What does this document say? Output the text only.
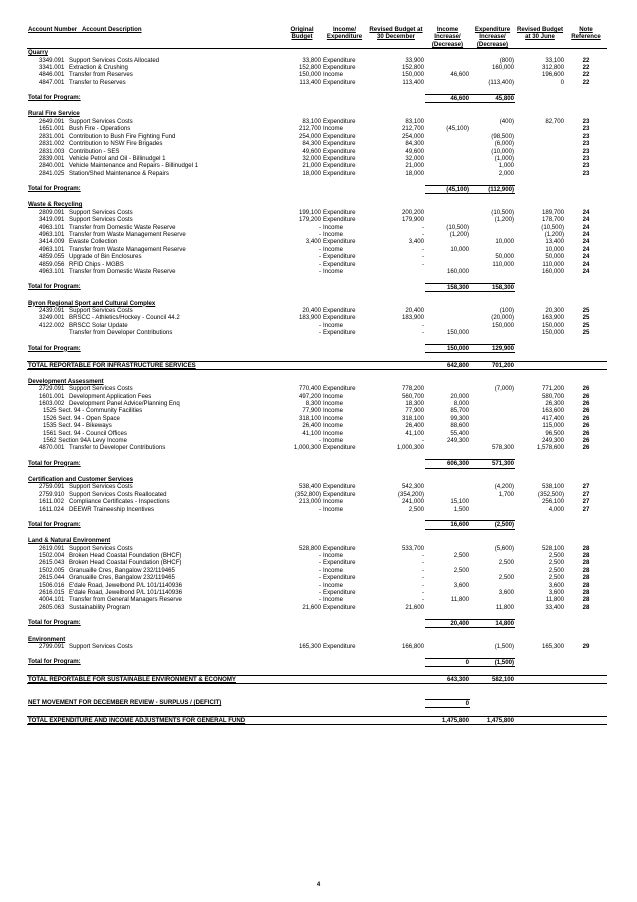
Account Number Account Description	Original Budget	Income/ Expenditure	Revised Budget at 30 December	Income Increase/ (Decrease)	Expenditure Increase/ (Decrease)	Revised Budget at 30 June	Note Reference
Quarry							
3349.091 Support Services Costs Allocated	33,800	Expenditure	33,900		(800)	33,100	22
3341.001 Extraction & Crushing	152,800	Expenditure	152,800		160,000	312,800	22
4846.001 Transfer from Reserves	150,000	Income	150,000	46,600		196,600	22
4847.001 Transfer to Reserves	113,400	Expenditure	113,400		(113,400)	0	22

Total for Program:				46,600	45,800		

Rural Fire Service							
2649.091 Support Services Costs	83,100	Expenditure	83,100		(400)	82,700	23
1651.001 Bush Fire - Operations	212,700	Income	212,700	(45,100)			23
2831.001 Contribution to Bush Fire Fighting Fund	254,000	Expenditure	254,000		(98,500)		23
2831.002 Contribution to NSW Fire Brigades	84,300	Expenditure	84,300		(6,000)		23
2831.003 Contribution - SES	49,600	Expenditure	49,600		(10,000)		23
2839.001 Vehicle Petrol and Oil - Billinudgel 1	32,000	Expenditure	32,000		(1,000)		23
2840.001 Vehicle Maintenance and Repairs - Billinudgel 1	21,000	Expenditure	21,000		1,000		23
2841.025 Station/Shed Maintenance & Repairs	18,000	Expenditure	18,000		2,000		23

Total for Program:				(45,100)	(112,900)		

Waste & Recycling							
2809.091 Support Services Costs	199,100	Expenditure	200,200		(10,500)	189,700	24
3419.091 Support Services Costs	179,200	Expenditure	179,900		(1,200)	178,700	24
4963.101 Transfer from Domestic Waste Reserve	-	Income	-	(10,500)		(10,500)	24
4963.101 Transfer from Waste Management Reserve	-	Income	-	(1,200)		(1,200)	24
3414.009 Ewaste Collection	3,400	Expenditure	3,400		10,000	13,400	24
4963.101 Transfer from Waste Management Reserve	-	Income	-	10,000		10,000	24
4859.055 Upgrade of Bin Enclosures	-	Expenditure	-		50,000	50,000	24
4859.056 RFID Chips - MGBS	-	Expenditure	-		110,000	110,000	24
4963.101 Transfer from Domestic Waste Reserve	-	Income		160,000		160,000	24

Total for Program:				158,300	158,300		

Byron Regional Sport and Cultural Complex							
2439.091 Support Services Costs	20,400	Expenditure	20,400		(100)	20,300	25
3249.001 BRSCC - Athletics/Hockey - Council 44.2	183,900	Expenditure	183,900		(20,000)	163,900	25
4122.002 BRSCC Solar Update	-	Income	-		150,000	150,000	25
Transfer from Developer Contributions	-	Expenditure	-	150,000		150,000	25

Total for Program:				150,000	129,900		

TOTAL REPORTABLE FOR INFRASTRUCTURE SERVICES				642,800	701,200		

Development Assessment							
2729.091 Support Services Costs	770,400	Expenditure	778,200		(7,000)	771,200	26
1601.001 Development Application Fees	497,200	Income	560,700	20,000		580,700	26
1603.002 Development Panel Advice/Planning Enq	8,300	Income	18,300	8,000		26,300	26
1525 Sect. 94 - Community Facilities	77,900	Income	77,900	85,700		163,600	26
1526 Sect. 94 - Open Space	318,100	Income	318,100	99,300		417,400	26
1535 Sect. 94 - Bikeways	26,400	Income	26,400	88,600		115,000	26
1561 Sect. 94 - Council Offices	41,100	Income	41,100	55,400		96,500	26
1562 Section 94A Levy Income	-	Income	-	249,300		249,300	26
4870.001 Transfer to Developer Contributions	1,000,300	Expenditure	1,000,300		578,300	1,578,600	26

Total for Program:				606,300	571,300		

Certification and Customer Services							
2759.091 Support Services Costs	538,400	Expenditure	542,300		(4,200)	538,100	27
2759.910 Support Services Costs Reallocated	(352,800)	Expenditure	(354,200)		1,700	(352,500)	27
1611.002 Compliance Certificates - Inspections	213,000	Income	241,000	15,100		256,100	27
1611.024 DEEWR Traineeship Incentives	-	Income	2,500	1,500		4,000	27

Total for Program:				16,600	(2,500)		

Land & Natural Environment							
2619.091 Support Services Costs	528,800	Expenditure	533,700		(5,600)	528,100	28
1502.004 Broken Head Coastal Foundation (BHCF)	-	Income	-	2,500		2,500	28
2615.043 Broken Head Coastal Foundation (BHCF)	-	Expenditure	-		2,500	2,500	28
1502.005 Granuaille Cres, Bangalow 232/119465	-	Income	-	2,500		2,500	28
2615.044 Granuaille Cres, Bangalow 232/119465	-	Expenditure	-		2,500	2,500	28
1506.016 E'dale Road, Jewelbond P/L 101/1140936	-	Income	-	3,600		3,600	28
2616.015 E'dale Road, Jewelbond P/L 101/1140936	-	Expenditure	-		3,600	3,600	28
4004.101 Transfer from General Managers Reserve	-	Income	-	11,800		11,800	28
2605.063 Sustainability Program	21,600	Expenditure	21,600		11,800	33,400	28

Total for Program:				20,400	14,800		

Environment							
2799.091 Support Services Costs	165,300	Expenditure	166,800		(1,500)	165,300	29

Total for Program:				0	(1,500)		

TOTAL REPORTABLE FOR SUSTAINABLE ENVIRONMENT & ECONOMY				643,300	582,100		

NET MOVEMENT FOR DECEMBER REVIEW - SURPLUS / (DEFICIT)				0			

TOTAL EXPENDITURE AND INCOME ADJUSTMENTS FOR GENERAL FUND				1,475,800	1,475,800		
4
